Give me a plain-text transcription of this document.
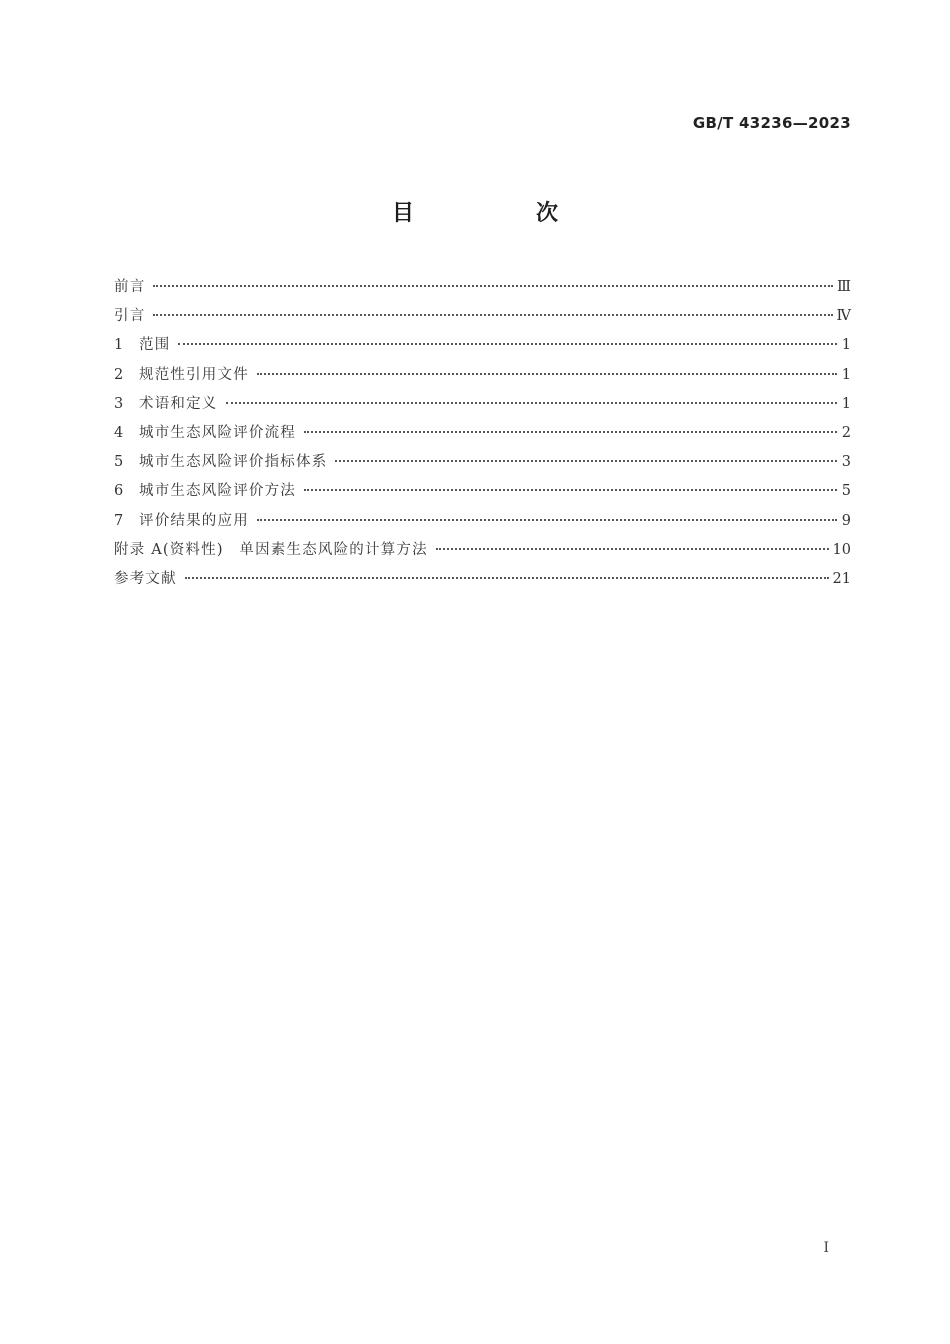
GB/T 43236—2023
目　次
前言	Ⅲ
引言	Ⅳ
1	范围	1
2	规范性引用文件	1
3	术语和定义	1
4	城市生态风险评价流程	2
5	城市生态风险评价指标体系	3
6	城市生态风险评价方法	5
7	评价结果的应用	9
附录 A(资料性)　单因素生态风险的计算方法	10
参考文献	21
I
